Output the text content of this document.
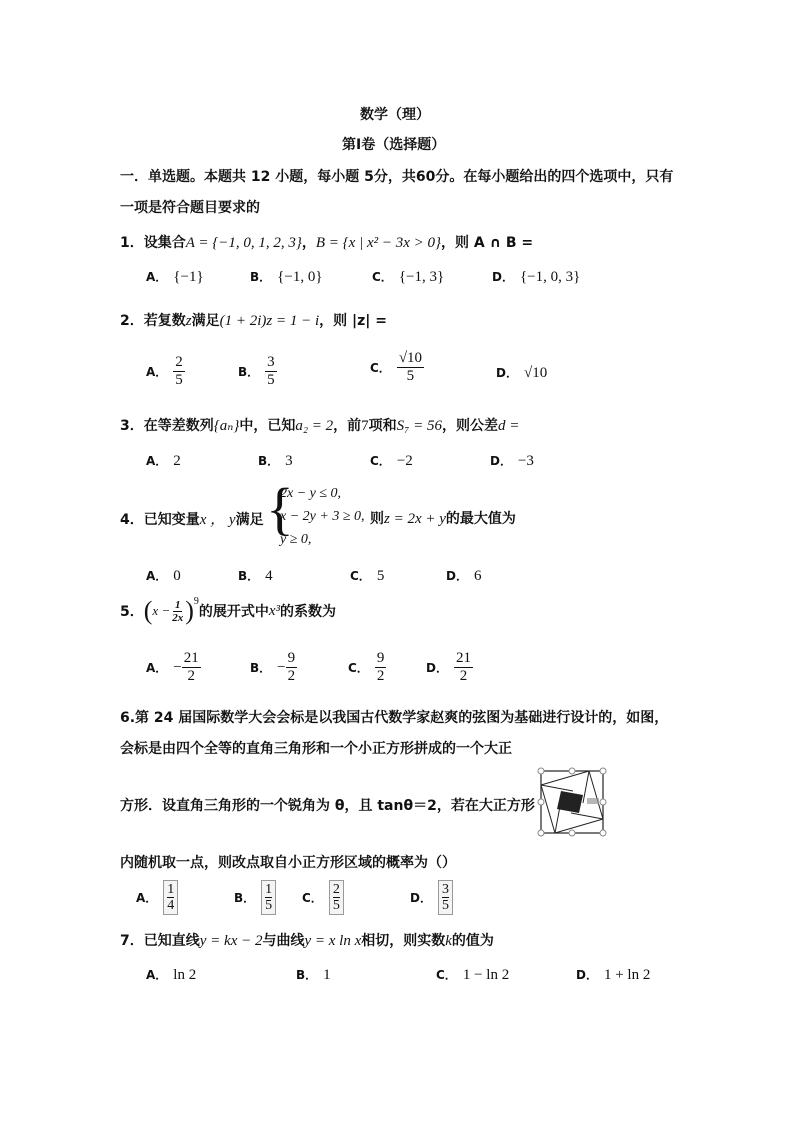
数学（理）
第Ⅰ卷（选择题）
一．单选题。本题共 12 小题，每小题 5分，共60分。在每小题给出的四个选项中，只有
一项是符合题目要求的
1．设集合A = {−1, 0, 1, 2, 3}，B = {x | x² − 3x > 0}，则 A ∩ B =
A． {−1}	B． {−1, 0}	C． {−1, 3}	D． {−1, 0, 3}
2．若复数z满足(1 + 2i)z = 1 − i，则 |z| =
A． $\frac{2}{5}$	B． $\frac{3}{5}$	C． $\frac{√10}{5}$	D． √10
3．在等差数列{aₙ}中，已知a₂ = 2，前7项和S₇ = 56，则公差d =
A． 2	B． 3	C． −2	D． −3
4．已知变量x ， y满足 {
2x − y ≤ 0,
x − 2y + 3 ≥ 0,
y ≥ 0,
则z = 2x + y的最大值为
A． 0	B． 4	C． 5	D． 6
5． ( $x - \frac{1}{2x} )^9$
的展开式中 x³ 的系数为
A． − $\frac{21}{2}$	B． − $\frac{9}{2}$	C． $\frac{9}{2}$	D． $\frac{21}{2}$
6.第 24 届国际数学大会会标是以我国古代数学家赵爽的弦图为基础进行设计的，如图，
会标是由四个全等的直角三角形和一个小正方形拼成的一个大正
方形．设直角三角形的一个锐角为 θ，且 tanθ＝2，若在大正方形
内随机取一点，则改点取自小正方形区域的概率为（）
A． $\frac{1}{4}$	B． $\frac{1}{5}$ C． $\frac{2}{5}$	D． $\frac{3}{5}$
7．已知直线y = kx − 2与曲线y = x ln x相切，则实数k的值为
A． ln 2	B． 1	C． 1 − ln 2	D． 1 + ln 2
